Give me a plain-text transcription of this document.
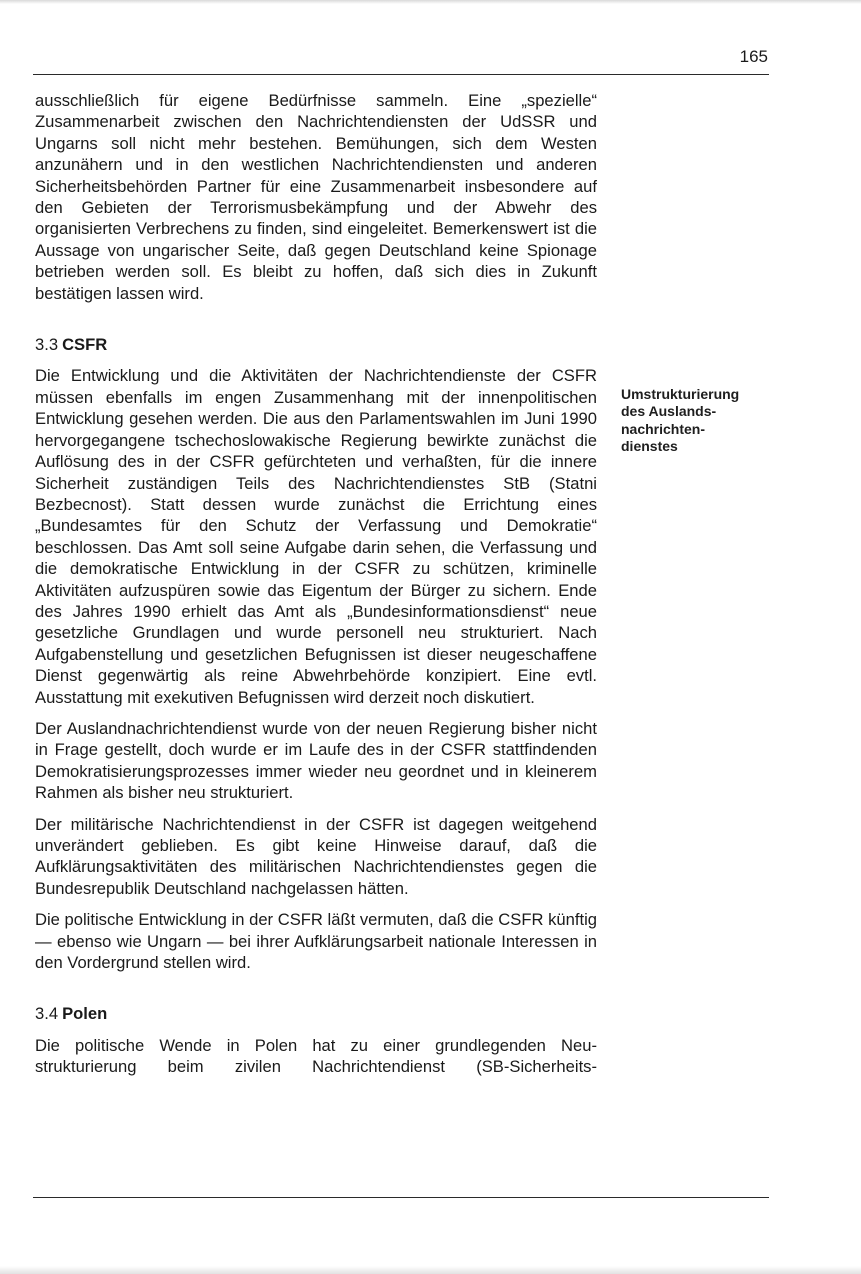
165

ausschließlich für eigene Bedürfnisse sammeln. Eine „spezielle“ Zusammenarbeit zwischen den Nachrichtendiensten der UdSSR und Ungarns soll nicht mehr bestehen. Bemühungen, sich dem Westen anzunähern und in den westlichen Nachrichtendiensten und anderen Sicherheitsbehörden Partner für eine Zusammenarbeit insbesondere auf den Gebieten der Terrorismusbekämpfung und der Abwehr des organisierten Verbrechens zu finden, sind eingeleitet. Bemerkenswert ist die Aussage von ungarischer Seite, daß gegen Deutschland keine Spionage betrieben werden soll. Es bleibt zu hoffen, daß sich dies in Zukunft bestätigen lassen wird.

3.3 CSFR

Die Entwicklung und die Aktivitäten der Nachrichtendienste der CSFR müssen ebenfalls im engen Zusammenhang mit der innenpolitischen Entwicklung gesehen werden. Die aus den Parlamentswahlen im Juni 1990 hervorgegangene tschechoslowakische Regierung bewirkte zunächst die Auflösung des in der CSFR gefürchteten und verhaßten, für die innere Sicherheit zuständigen Teils des Nachrichtendienstes StB (Statni Bezbecnost). Statt dessen wurde zunächst die Errichtung eines „Bundesamtes für den Schutz der Verfassung und Demokratie“ beschlossen. Das Amt soll seine Aufgabe darin sehen, die Verfassung und die demokratische Entwicklung in der CSFR zu schützen, kriminelle Aktivitäten aufzuspüren sowie das Eigentum der Bürger zu sichern. Ende des Jahres 1990 erhielt das Amt als „Bundesinformationsdienst“ neue gesetzliche Grundlagen und wurde personell neu strukturiert. Nach Aufgabenstellung und gesetzlichen Befugnissen ist dieser neugeschaffene Dienst gegenwärtig als reine Abwehrbehörde konzipiert. Eine evtl. Ausstattung mit exekutiven Befugnissen wird derzeit noch diskutiert.

Der Auslandnachrichtendienst wurde von der neuen Regierung bisher nicht in Frage gestellt, doch wurde er im Laufe des in der CSFR stattfindenden Demokratisierungsprozesses immer wieder neu geordnet und in kleinerem Rahmen als bisher neu strukturiert.

Der militärische Nachrichtendienst in der CSFR ist dagegen weitgehend unverändert geblieben. Es gibt keine Hinweise darauf, daß die Aufklärungsaktivitäten des militärischen Nachrichtendienstes gegen die Bundesrepublik Deutschland nachgelassen hätten.

Die politische Entwicklung in der CSFR läßt vermuten, daß die CSFR künftig — ebenso wie Ungarn — bei ihrer Aufklärungsarbeit nationale Interessen in den Vordergrund stellen wird.

3.4 Polen

Die politische Wende in Polen hat zu einer grundlegenden Neustrukturierung beim zivilen Nachrichtendienst (SB-Sicherheits-

Umstrukturierung
des Auslands-
nachrichten-
dienstes
